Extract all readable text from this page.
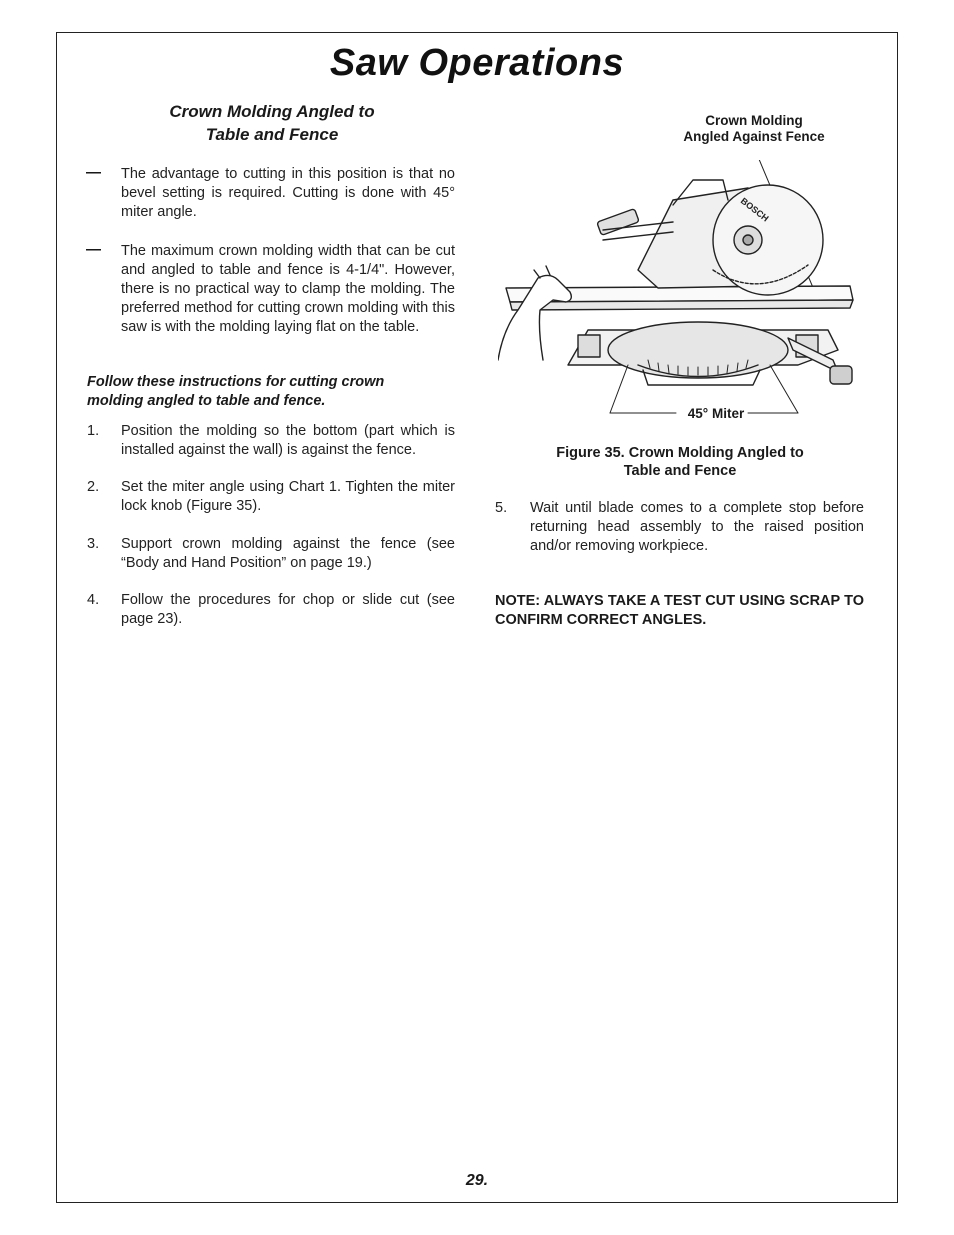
Saw Operations
Crown Molding Angled to
Table and Fence
— The advantage to cutting in this position is that no bevel setting is required. Cutting is done with 45° miter angle.
— The maximum crown molding width that can be cut and angled to table and fence is 4-1/4". However, there is no practical way to clamp the molding. The preferred method for cutting crown molding with this saw is with the molding laying flat on the table.
Follow these instructions for cutting crown molding angled to table and fence.
1. Position the molding so the bottom (part which is installed against the wall) is against the fence.
2. Set the miter angle using Chart 1. Tighten the miter lock knob (Figure 35).
3. Support crown molding against the fence (see “Body and Hand Position” on page 19.)
4. Follow the procedures for chop or slide cut (see page 23).
Crown Molding
Angled Against Fence
BOSCH
45° Miter
Figure 35. Crown Molding Angled to
Table and Fence
5. Wait until blade comes to a complete stop before returning head assembly to the raised position and/or removing workpiece.
NOTE: ALWAYS TAKE A TEST CUT USING SCRAP TO CONFIRM CORRECT ANGLES.
29.
